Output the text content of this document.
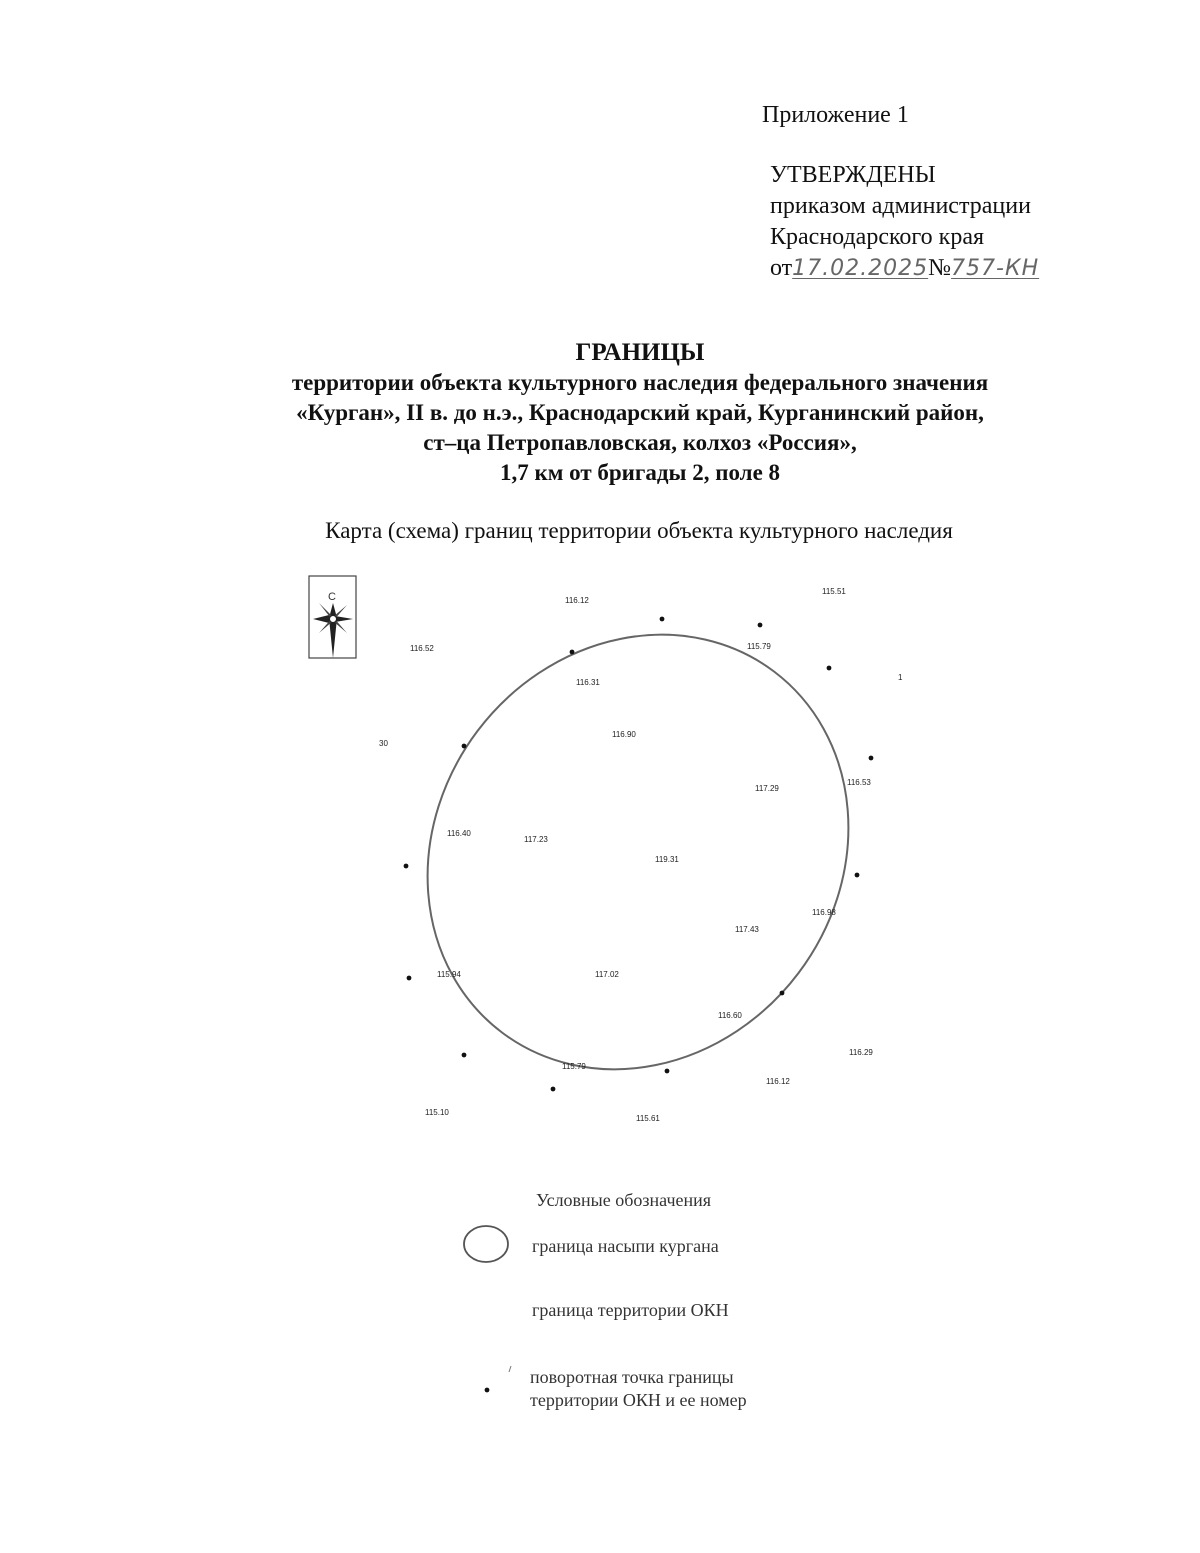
Приложение 1
УТВЕРЖДЕНЫ
приказом администрации
Краснодарского края
от17.02.2025№757-КН
ГРАНИЦЫ
территории объекта культурного наследия федерального значения
«Курган», II в. до н.э., Краснодарский край, Курганинский район,
ст–ца Петропавловская, колхоз «Россия»,
1,7 км от бригады 2, поле 8
Карта (схема) границ территории объекта культурного наследия
С	116.12
115.51
116.52	115.79
116.31
116.90
117.29
116.53
116.40
117.23
119.31
116.98
117.43
115.94	117.02
116.60
116.29
115.79
116.12
115.10
115.61
1
30
Условные обозначения
граница насыпи кургана
граница территории ОКН
поворотная точка границы
территории ОКН и ее номер
